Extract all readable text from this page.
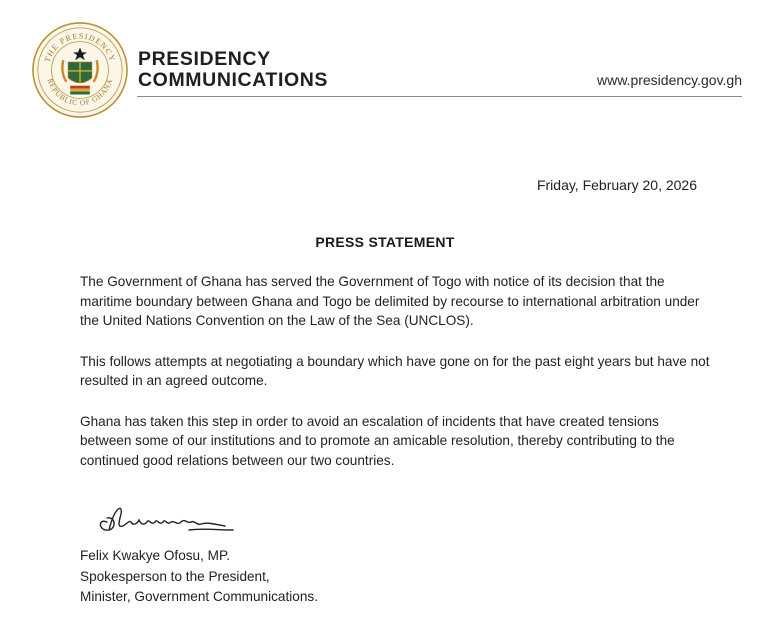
THE PRESIDENCY
REPUBLIC OF GHANA
PRESIDENCY
COMMUNICATIONS	www.presidency.gov.gh
Friday, February 20, 2026
PRESS STATEMENT

The Government of Ghana has served the Government of Togo with notice of its decision that the maritime boundary between Ghana and Togo be delimited by recourse to international arbitration under the United Nations Convention on the Law of the Sea (UNCLOS).

This follows attempts at negotiating a boundary which have gone on for the past eight years but have not resulted in an agreed outcome.

Ghana has taken this step in order to avoid an escalation of incidents that have created tensions between some of our institutions and to promote an amicable resolution, thereby contributing to the continued good relations between our two countries.

Felix Kwakye Ofosu, MP.
Spokesperson to the President,
Minister, Government Communications.
